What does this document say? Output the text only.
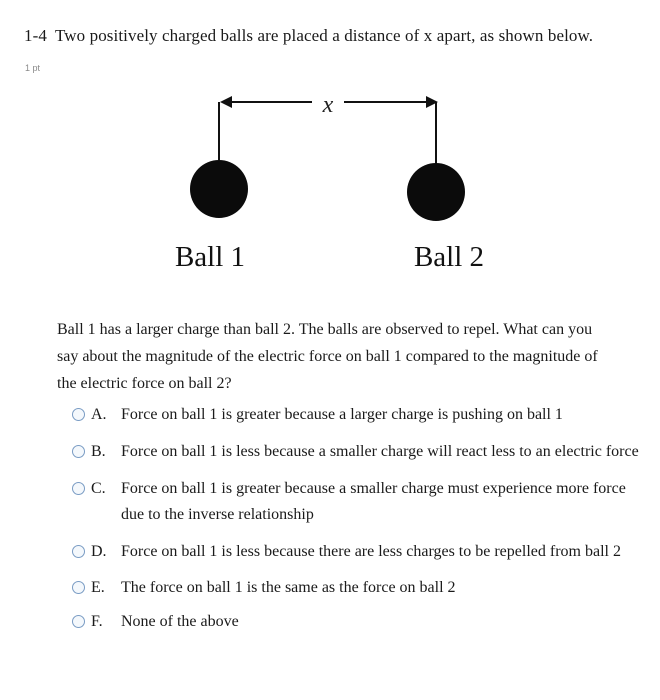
1-4 Two positively charged balls are placed a distance of x apart, as shown below.
1 pt
x
Ball 1	Ball 2
Ball 1 has a larger charge than ball 2. The balls are observed to repel. What can you say about the magnitude of the electric force on ball 1 compared to the magnitude of the electric force on ball 2?
A. Force on ball 1 is greater because a larger charge is pushing on ball 1
B. Force on ball 1 is less because a smaller charge will react less to an electric force
C. Force on ball 1 is greater because a smaller charge must experience more force due to the inverse relationship
D. Force on ball 1 is less because there are less charges to be repelled from ball 2
E.	The force on ball 1 is the same as the force on ball 2
F.	None of the above
